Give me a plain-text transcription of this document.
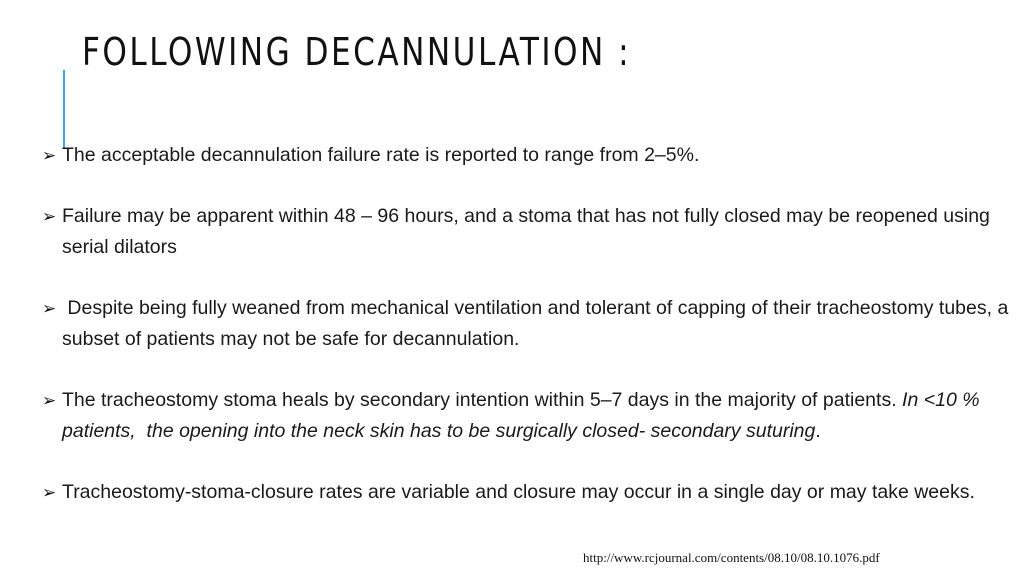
FOLLOWING DECANNULATION :
➢ The acceptable decannulation failure rate is reported to range from 2–5%.
➢ Failure may be apparent within 48 – 96 hours, and a stoma that has not fully closed may be reopened using serial dilators
➢ Despite being fully weaned from mechanical ventilation and tolerant of capping of their tracheostomy tubes, a subset of patients may not be safe for decannulation.
➢ The tracheostomy stoma heals by secondary intention within 5–7 days in the majority of patients. In <10 % patients,  the opening into the neck skin has to be surgically closed- secondary suturing.
➢ Tracheostomy-stoma-closure rates are variable and closure may occur in a single day or may take weeks.
http://www.rcjournal.com/contents/08.10/08.10.1076.pdf
